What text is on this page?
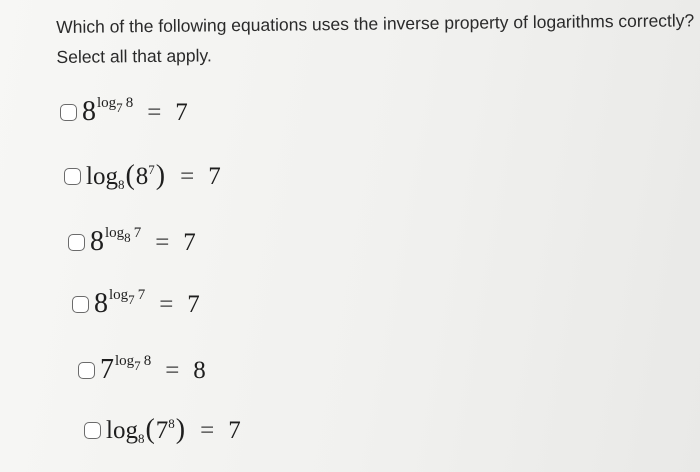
Which of the following equations uses the inverse property of logarithms correctly?

Select all that apply.

8 log7  8 = 7
log 8 ( 8 7 ) = 7
8 log8  7 = 7
8 log7  7 = 7
7 log7  8 = 8
log 8 ( 7 8 ) = 7
